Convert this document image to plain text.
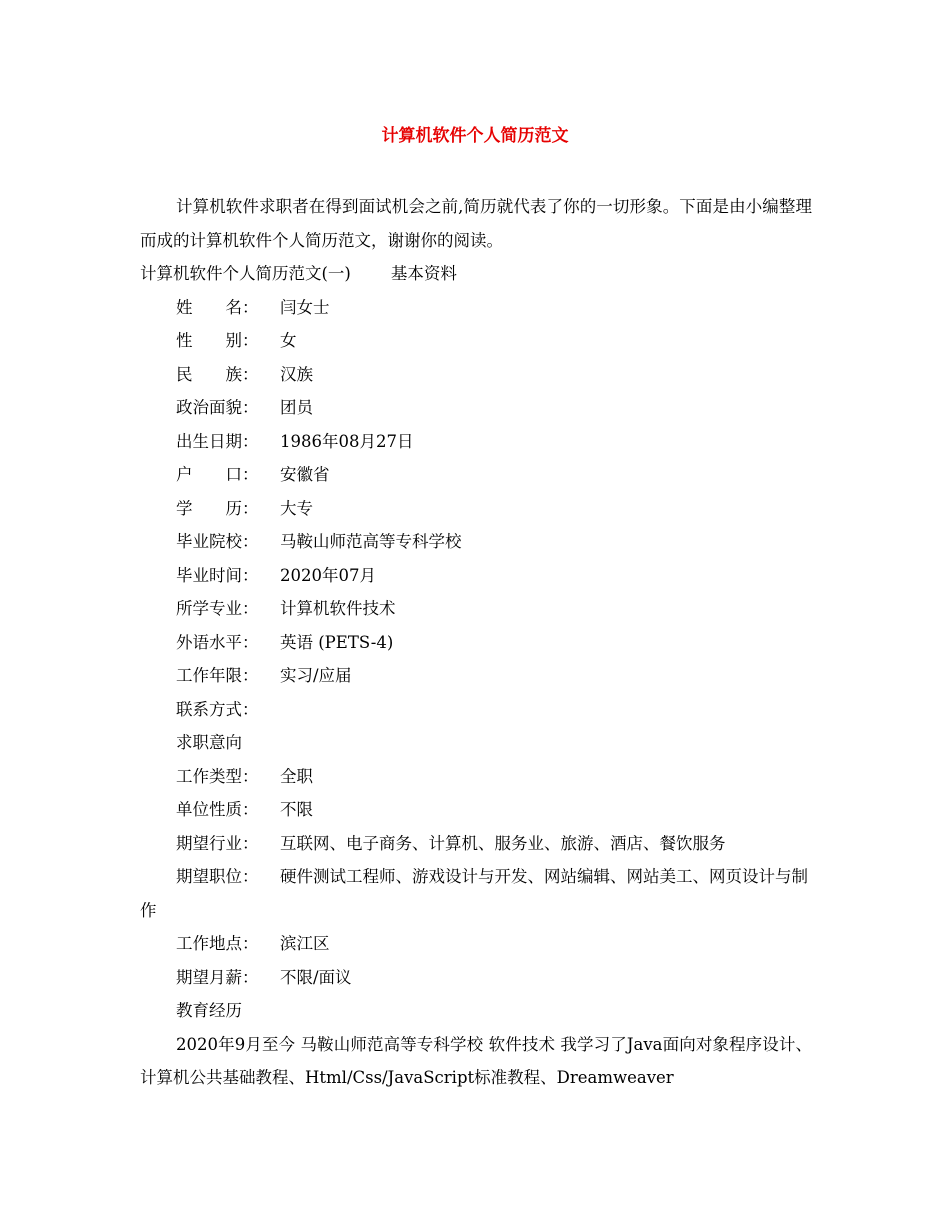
计算机软件个人简历范文

计算机软件求职者在得到面试机会之前,简历就代表了你的一切形象。下面是由小编整理而成的计算机软件个人简历范文，谢谢你的阅读。

计算机软件个人简历范文(一) 基本资料

姓　　名： 闫女士

性　　别： 女

民　　族： 汉族

政治面貌： 团员

出生日期： 1986年08月27日

户　　口： 安徽省

学　　历： 大专

毕业院校： 马鞍山师范高等专科学校

毕业时间： 2020年07月

所学专业： 计算机软件技术

外语水平： 英语 (PETS-4)

工作年限： 实习/应届

联系方式：

求职意向

工作类型： 全职

单位性质： 不限

期望行业： 互联网、电子商务、计算机、服务业、旅游、酒店、餐饮服务

期望职位： 硬件测试工程师、游戏设计与开发、网站编辑、网站美工、网页设计与制作

工作地点： 滨江区

期望月薪： 不限/面议

教育经历

2020年9月至今 马鞍山师范高等专科学校 软件技术 我学习了Java面向对象程序设计、计算机公共基础教程、Html/Css/JavaScript标准教程、Dreamweaver
